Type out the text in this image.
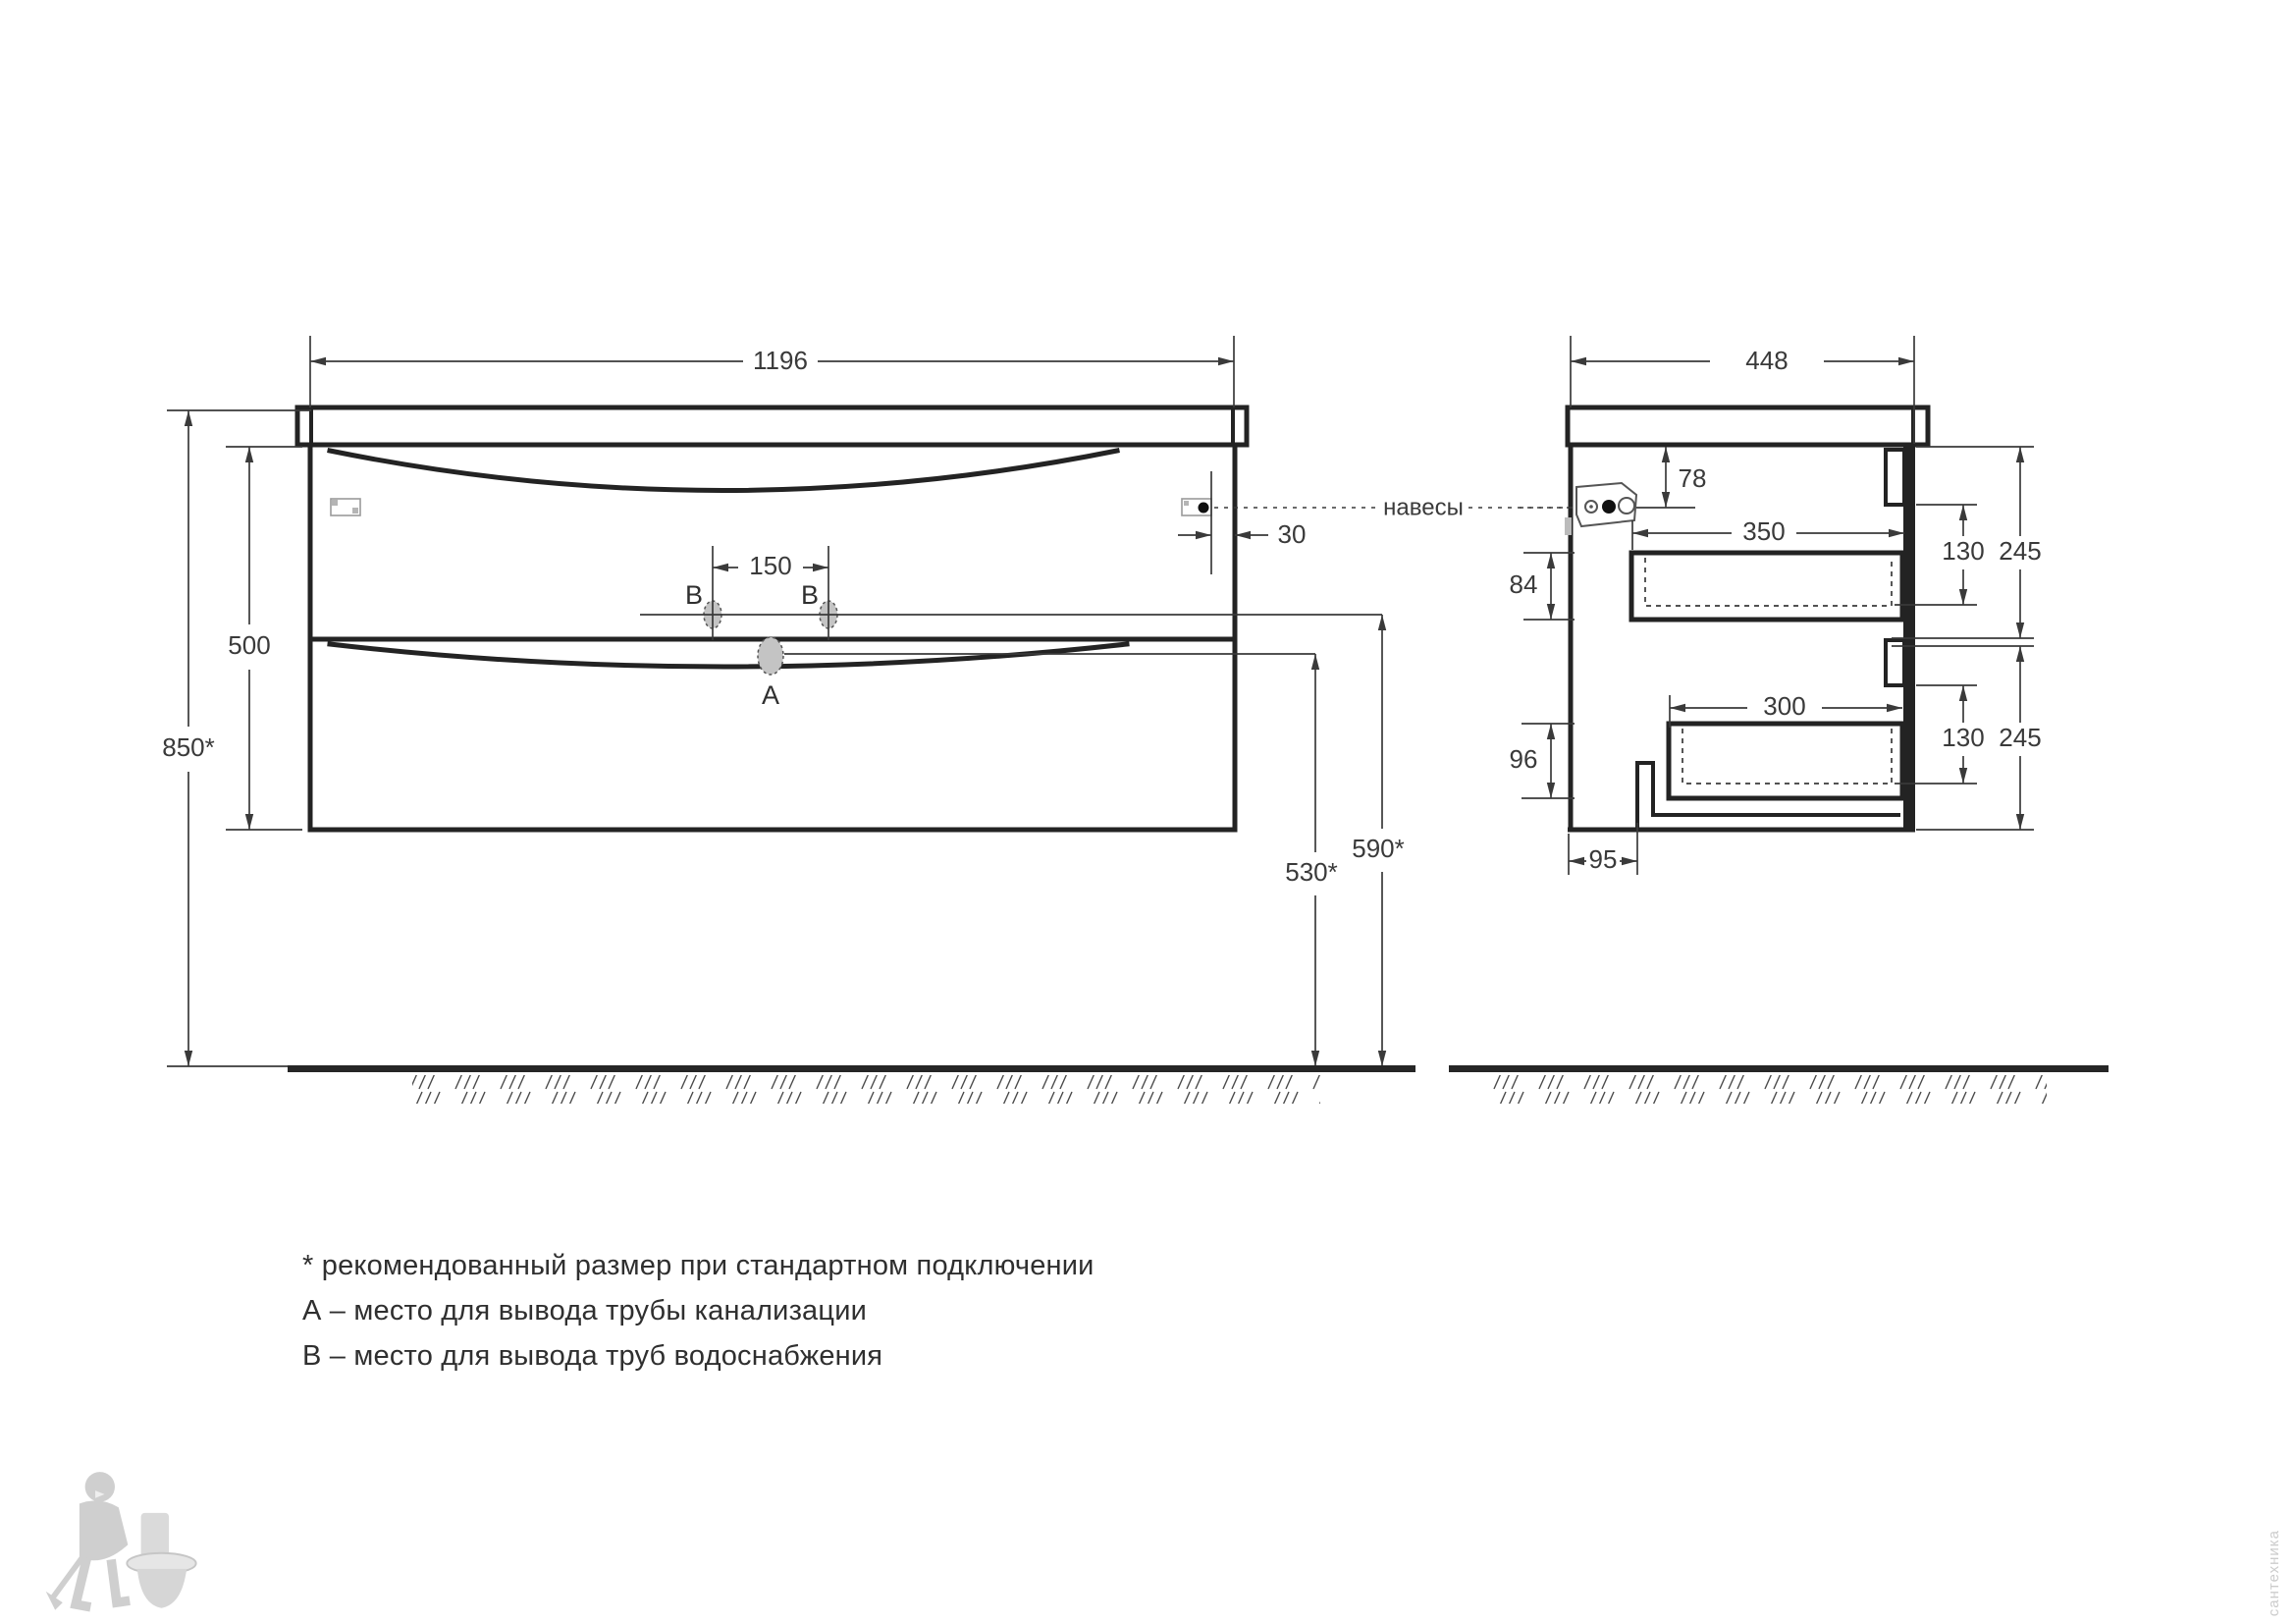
B	B
A
1196
850*
500
150
590*
530*
30
навесы
448
78
350
84
96
300
95
130 245
130 245
* рекомендованный размер при стандартном подключении
А – место для вывода трубы канализации
В – место для вывода труб водоснабжения
сантехника
